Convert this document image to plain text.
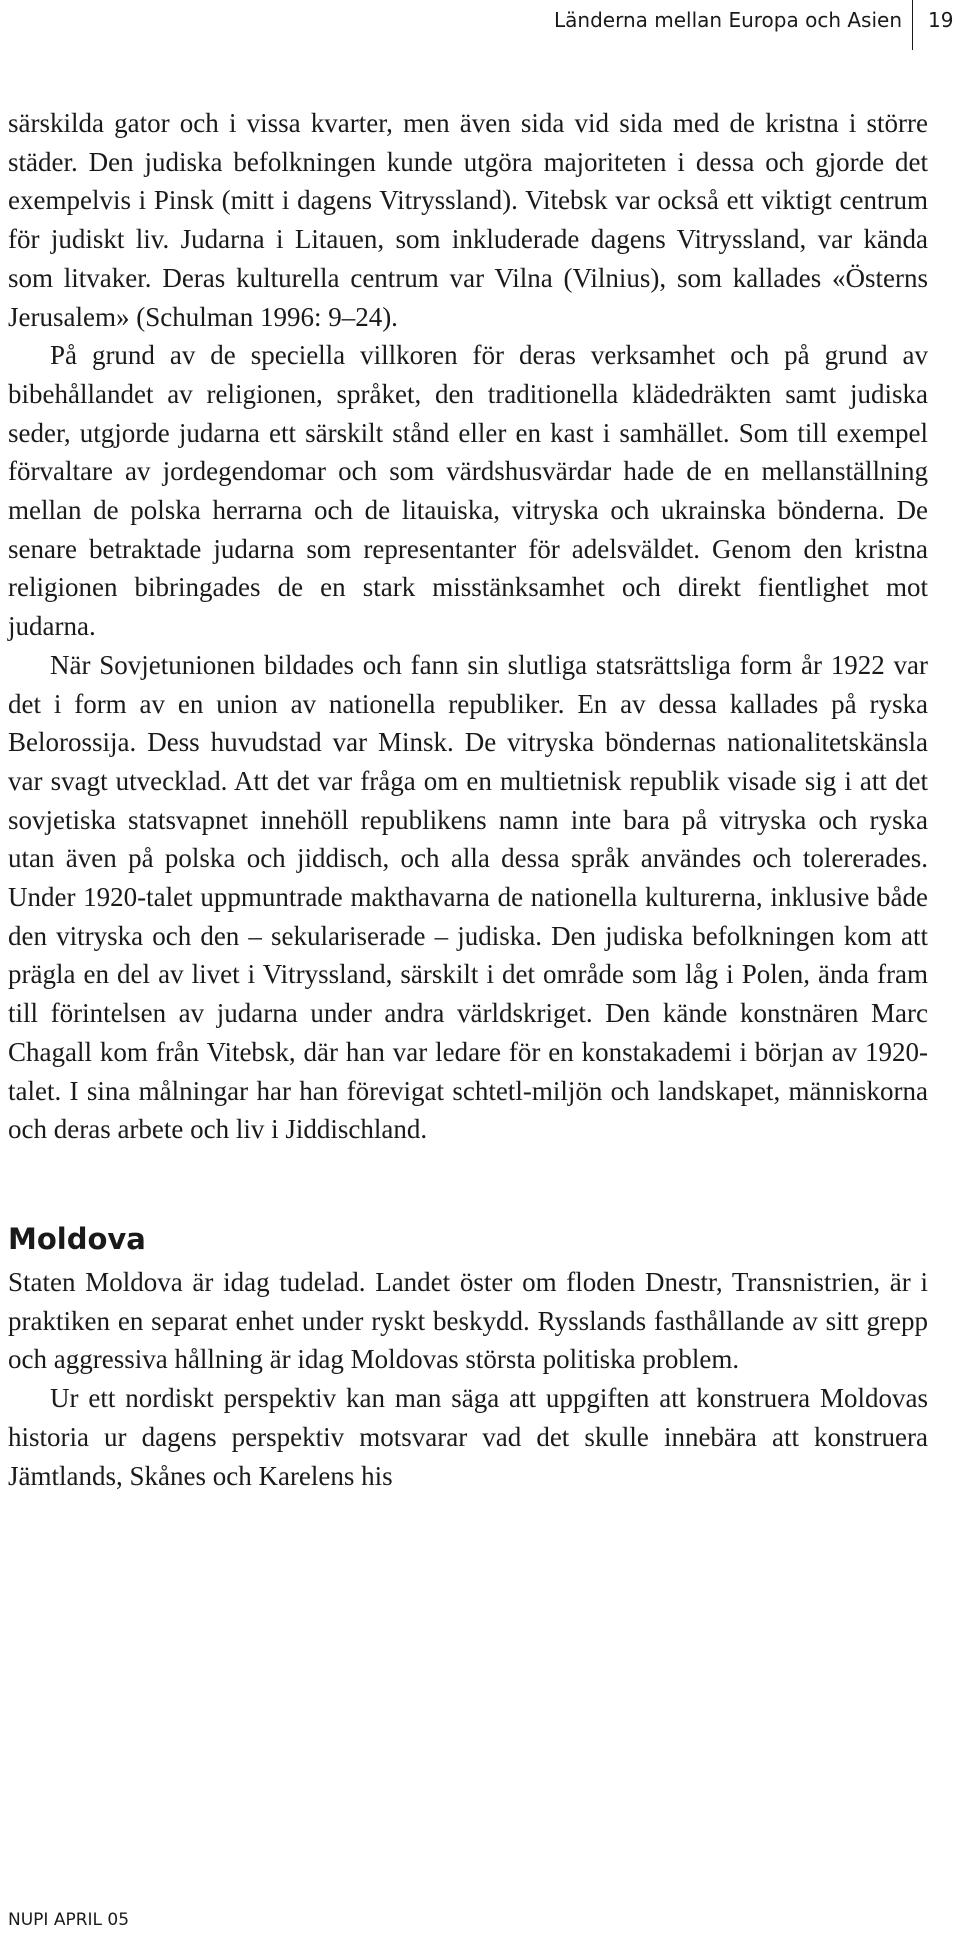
Länderna mellan Europa och Asien 19

särskilda gator och i vissa kvarter, men även sida vid sida med de kristna i större städer. Den judiska befolkningen kunde utgöra majoriteten i dessa och gjorde det exempelvis i Pinsk (mitt i dagens Vitryssland). Vitebsk var också ett viktigt centrum för judiskt liv. Judarna i Litauen, som inkluderade dagens Vitryssland, var kända som litvaker. Deras kulturella centrum var Vilna (Vilnius), som kallades «Österns Jerusalem» (Schulman 1996: 9–24).

På grund av de speciella villkoren för deras verksamhet och på grund av bibehållandet av religionen, språket, den traditionella klädedräkten samt judiska seder, utgjorde judarna ett särskilt stånd eller en kast i samhället. Som till exempel förvaltare av jordegendomar och som värdshusvärdar hade de en mellanställning mellan de polska herrarna och de litauiska, vitryska och ukrainska bönderna. De senare betraktade judarna som representanter för adelsväldet. Genom den kristna religionen bibringades de en stark misstänksamhet och direkt fientlighet mot judarna.

När Sovjetunionen bildades och fann sin slutliga statsrättsliga form år 1922 var det i form av en union av nationella republiker. En av dessa kallades på ryska Belorossija. Dess huvudstad var Minsk. De vitryska böndernas nationalitetskänsla var svagt utvecklad. Att det var fråga om en multietnisk republik visade sig i att det sovjetiska statsvapnet innehöll republikens namn inte bara på vitryska och ryska utan även på polska och jiddisch, och alla dessa språk användes och tolererades. Under 1920-talet uppmuntrade makthavarna de nationella kulturerna, inklusive både den vitryska och den – sekulariserade – judiska. Den judiska befolkningen kom att prägla en del av livet i Vitryssland, särskilt i det område som låg i Polen, ända fram till förintelsen av judarna under andra världskriget. Den kände konstnären Marc Chagall kom från Vitebsk, där han var ledare för en konstakademi i början av 1920-talet. I sina målningar har han förevigat schtetl-miljön och landskapet, människorna och deras arbete och liv i Jiddischland.

Moldova

Staten Moldova är idag tudelad. Landet öster om floden Dnestr, Transnistrien, är i praktiken en separat enhet under ryskt beskydd. Rysslands fasthållande av sitt grepp och aggressiva hållning är idag Moldovas största politiska problem.

Ur ett nordiskt perspektiv kan man säga att uppgiften att konstruera Moldovas historia ur dagens perspektiv motsvarar vad det skulle innebära att konstruera Jämtlands, Skånes och Karelens his

NUPI APRIL 05
